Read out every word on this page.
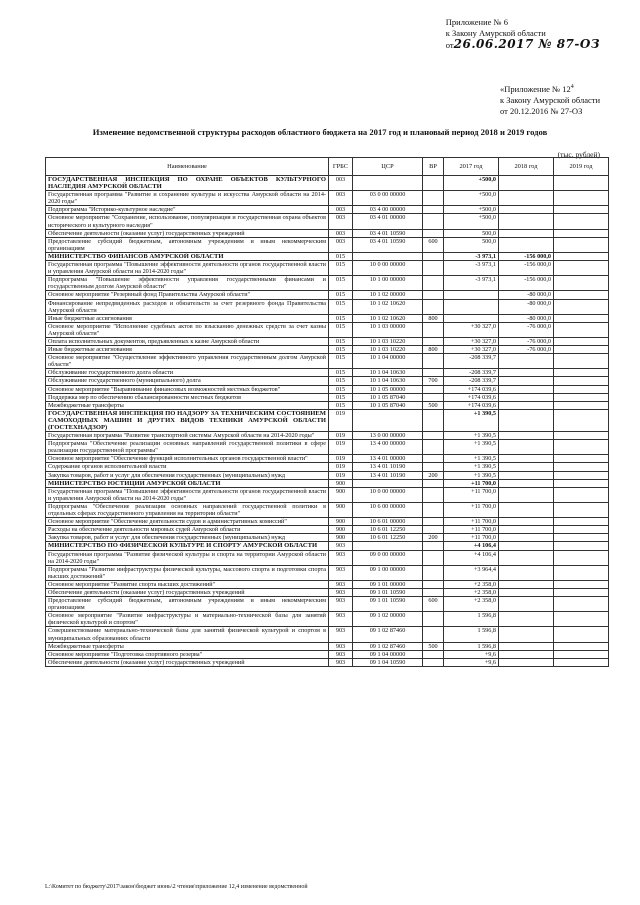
Приложение № 6
к Закону Амурской области
от26.06.2017 № 87-ОЗ
«Приложение № $12^4$
к Закону Амурской области
от 20.12.2016 № 27-ОЗ
Изменение ведомственной структуры расходов областного бюджета на 2017 год и плановый период 2018 и 2019 годов
(тыс. рублей)
Наименование	ГРБС	ЦСР	ВР	2017 год	2018 год	2019 год
ГОСУДАРСТВЕННАЯ ИНСПЕКЦИЯ ПО ОХРАНЕ ОБЪЕКТОВ КУЛЬТУРНОГО НАСЛЕДИЯ АМУРСКОЙ ОБЛАСТИ	003			+500,0		
Государственная программа "Развитие и сохранение культуры и искусства Амурской области на 2014-2020 годы"	003	03 0 00 00000		+500,0		
Подпрограмма "Историко-культурное наследие"	003	03 4 00 00000		+500,0		
Основное мероприятие "Сохранение, использование, популяризация и государственная охрана объектов исторического и культурного наследия"	003	03 4 01 00000		+500,0		
Обеспечение деятельности (оказание услуг) государственных учреждений	003	03 4 01 10590		500,0		
Предоставление субсидий бюджетным, автономным учреждениям и иным некоммерческим организациям	003	03 4 01 10590	600	500,0		
МИНИСТЕРСТВО ФИНАНСОВ АМУРСКОЙ ОБЛАСТИ	015			-3 973,1	-156 000,0	
Государственная программа "Повышение эффективности деятельности органов государственной власти и управления Амурской области на 2014-2020 годы"	015	10 0 00 00000		-3 973,1	-156 000,0	
Подпрограмма "Повышение эффективности управления государственными финансами и государственным долгом Амурской области"	015	10 1 00 00000		-3 973,1	-156 000,0	
Основное мероприятие "Резервный фонд Правительства Амурской области"	015	10 1 02 00000			-80 000,0	
Финансирование непредвиденных расходов и обязательств за счет резервного фонда Правительства Амурской области	015	10 1 02 10620			-80 000,0	
Иные бюджетные ассигнования	015	10 1 02 10620	800		-80 000,0	
Основное мероприятие "Исполнение судебных актов по взысканию денежных средств за счет казны Амурской области"	015	10 1 03 00000		+30 327,0	-76 000,0	
Оплата исполнительных документов, предъявленных к казне Амурской области	015	10 1 03 10220		+30 327,0	-76 000,0	
Иные бюджетные ассигнования	015	10 1 03 10220	800	+30 327,0	-76 000,0	
Основное мероприятие "Осуществление эффективного управления государственным долгом Амурской области"	015	10 1 04 00000		-208 339,7		
Обслуживание государственного долга области	015	10 1 04 10630		-208 339,7		
Обслуживание государственного (муниципального) долга	015	10 1 04 10630	700	-208 339,7		
Основное мероприятие "Выравнивание финансовых возможностей местных бюджетов"	015	10 1 05 00000		+174 039,6		
Поддержка мер по обеспечению сбалансированности местных бюджетов	015	10 1 05 87040		+174 039,6		
Межбюджетные трансферты	015	10 1 05 87040	500	+174 039,6		
ГОСУДАРСТВЕННАЯ ИНСПЕКЦИЯ ПО НАДЗОРУ ЗА ТЕХНИЧЕСКИМ СОСТОЯНИЕМ САМОХОДНЫХ МАШИН И ДРУГИХ ВИДОВ ТЕХНИКИ АМУРСКОЙ ОБЛАСТИ (ГОСТЕХНАДЗОР)	019			+1 390,5		
Государственная программа "Развитие транспортной системы Амурской области на 2014-2020 годы"	019	13 0 00 00000		+1 390,5		
Подпрограмма "Обеспечение реализации основных направлений государственной политики в сфере реализации государственной программы"	019	13 4 00 00000		+1 390,5		
Основное мероприятие "Обеспечение функций исполнительных органов государственной власти"	019	13 4 01 00000		+1 390,5		
Содержание органов исполнительной власти	019	13 4 01 10190		+1 390,5		
Закупка товаров, работ и услуг для обеспечения государственных (муниципальных) нужд	019	13 4 01 10190	200	+1 390,5		
МИНИСТЕРСТВО ЮСТИЦИИ АМУРСКОЙ ОБЛАСТИ	900			+11 700,0		
Государственная программа "Повышение эффективности деятельности органов государственной власти и управления Амурской области на 2014-2020 годы"	900	10 0 00 00000		+11 700,0		
Подпрограмма "Обеспечение реализации основных направлений государственной политики в отдельных сферах государственного управления на территории области"	900	10 6 00 00000		+11 700,0		
Основное мероприятие "Обеспечение деятельности судов и административных комиссий"	900	10 6 01 00000		+11 700,0		
Расходы на обеспечение деятельности мировых судей Амурской области	900	10 6 01 12250		+11 700,0		
Закупка товаров, работ и услуг для обеспечения государственных (муниципальных) нужд	900	10 6 01 12250	200	+11 700,0		
МИНИСТЕРСТВО ПО ФИЗИЧЕСКОЙ КУЛЬТУРЕ И СПОРТУ АМУРСКОЙ ОБЛАСТИ	903			+4 106,4		
Государственная программа "Развитие физической культуры и спорта на территории Амурской области на 2014-2020 годы"	903	09 0 00 00000		+4 106,4		
Подпрограмма "Развитие инфраструктуры физической культуры, массового спорта и подготовки спорта высших достижений"	903	09 1 00 00000		+3 964,4		
Основное мероприятие "Развитие спорта высших достижений"	903	09 1 01 00000		+2 358,0		
Обеспечение деятельности (оказание услуг) государственных учреждений	903	09 1 01 10590		+2 358,0		
Предоставление субсидий бюджетным, автономным учреждениям и иным некоммерческим организациям	903	09 1 01 10590	600	+2 358,0		
Основное мероприятие "Развитие инфраструктуры и материально-технической базы для занятий физической культурой и спортом"	903	09 1 02 00000		1 596,8		
Совершенствование материально-технической базы для занятий физической культурой и спортом в муниципальных образованиях области	903	09 1 02 87460		1 596,8		
Межбюджетные трансферты	903	09 1 02 87460	500	1 596,8		
Основное мероприятие "Подготовка спортивного резерва"	903	09 1 04 00000		+9,6		
Обеспечение деятельности (оказание услуг) государственных учреждений	903	09 1 04 10590		+9,6		
L:\Комитет по бюджету\2017\закон\бюджет июнь\2 чтение\приложение 12,4 изменение ведомственной
